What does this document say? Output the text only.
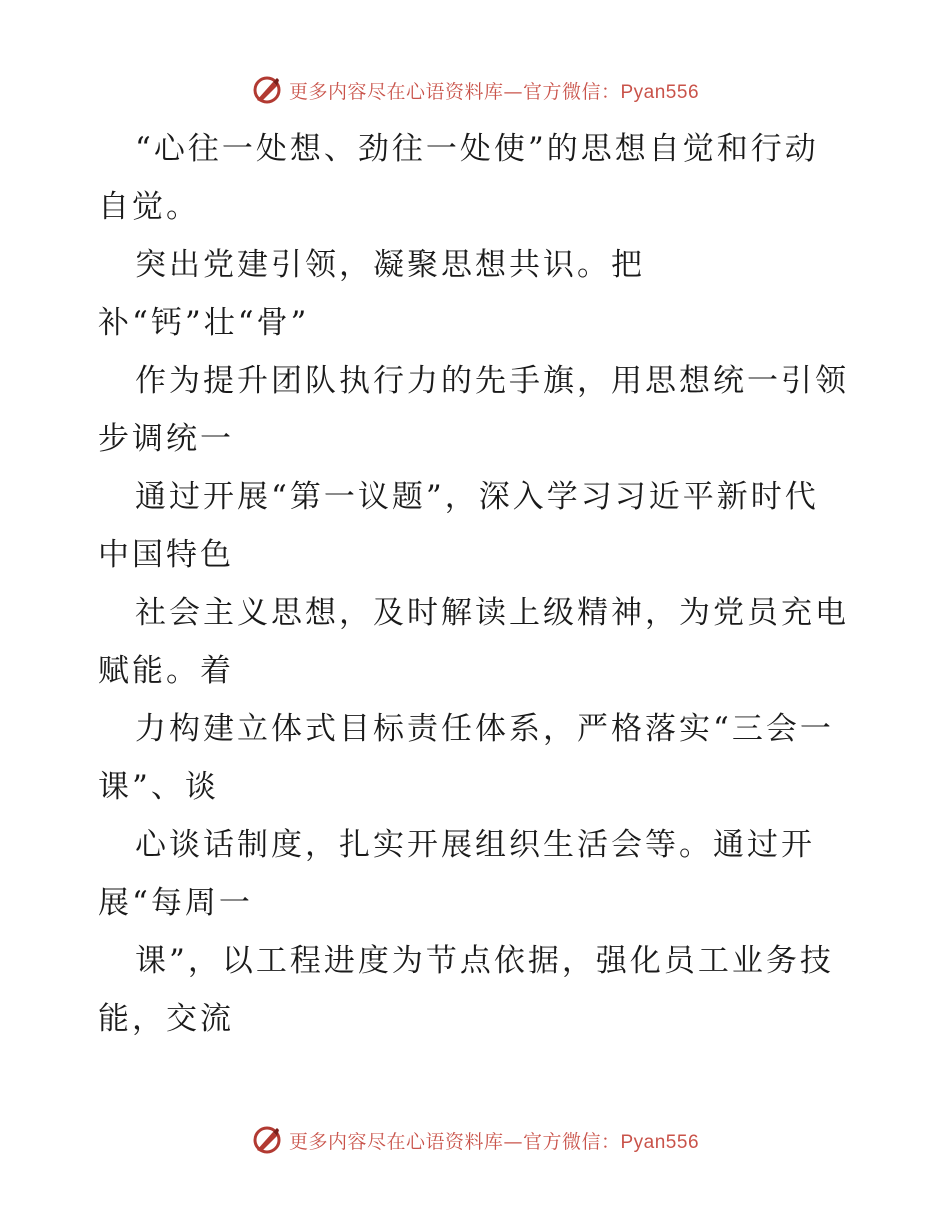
更多内容尽在心语资料库—官方微信：Pyan556
“心往一处想、劲往一处使”的思想自觉和行动
自觉。
突出党建引领，凝聚思想共识。把
补“钙”壮“骨”
作为提升团队执行力的先手旗，用思想统一引领
步调统一
通过开展“第一议题”，深入学习习近平新时代
中国特色
社会主义思想，及时解读上级精神，为党员充电
赋能。着
力构建立体式目标责任体系，严格落实“三会一
课”、谈
心谈话制度，扎实开展组织生活会等。通过开
展“每周一
课”，以工程进度为节点依据，强化员工业务技
能，交流
更多内容尽在心语资料库—官方微信：Pyan556
